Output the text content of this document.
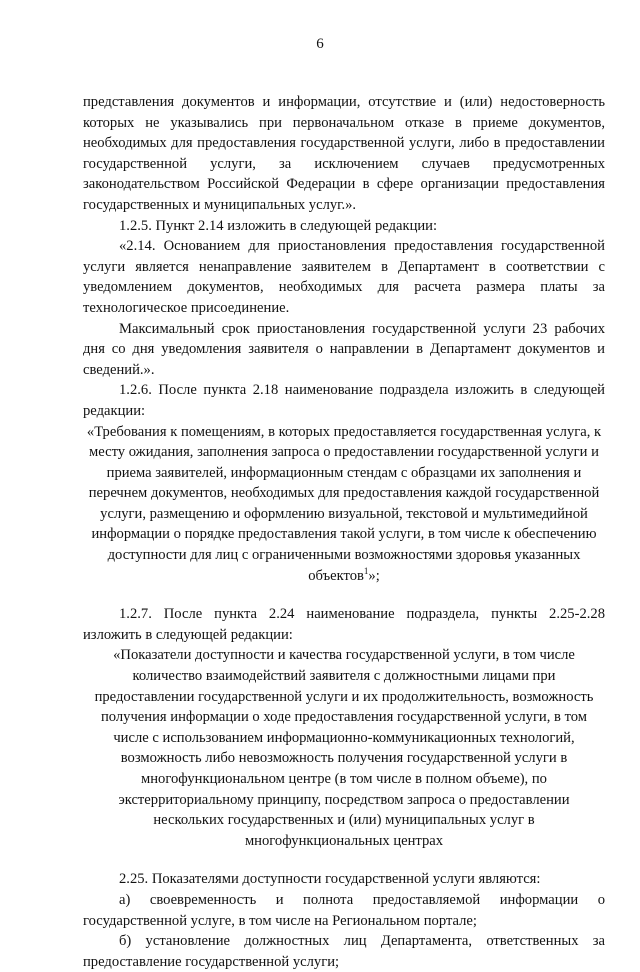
6

представления документов и информации, отсутствие и (или) недостоверность которых не указывались при первоначальном отказе в приеме документов, необходимых для предоставления государственной услуги, либо в предоставлении государственной услуги, за исключением случаев предусмотренных законодательством Российской Федерации в сфере организации предоставления государственных и муниципальных услуг.».

1.2.5. Пункт 2.14 изложить в следующей редакции:

«2.14. Основанием для приостановления предоставления государственной услуги является ненаправление заявителем в Департамент в соответствии с уведомлением документов, необходимых для расчета размера платы за технологическое присоединение.

Максимальный срок приостановления государственной услуги 23 рабочих дня со дня уведомления заявителя о направлении в Департамент документов и сведений.».

1.2.6. После пункта 2.18 наименование подраздела изложить в следующей редакции:

«Требования к помещениям, в которых предоставляется государственная услуга, к месту ожидания, заполнения запроса о предоставлении государственной услуги и приема заявителей, информационным стендам с образцами их заполнения и перечнем документов, необходимых для предоставления каждой государственной услуги, размещению и оформлению визуальной, текстовой и мультимедийной информации о порядке предоставления такой услуги, в том числе к обеспечению доступности для лиц с ограниченными возможностями здоровья указанных объектов$^1$»;

1.2.7. После пункта 2.24 наименование подраздела, пункты 2.25-2.28 изложить в следующей редакции:

«Показатели доступности и качества государственной услуги, в том числе количество взаимодействий заявителя с должностными лицами при предоставлении государственной услуги и их продолжительность, возможность получения информации о ходе предоставления государственной услуги, в том числе с использованием информационно-коммуникационных технологий, возможность либо невозможность получения государственной услуги в многофункциональном центре (в том числе в полном объеме), по экстерриториальному принципу, посредством запроса о предоставлении нескольких государственных и (или) муниципальных услуг в многофункциональных центрах

2.25. Показателями доступности государственной услуги являются:

а) своевременность и полнота предоставляемой информации о государственной услуге, в том числе на Региональном портале;

б) установление должностных лиц Департамента, ответственных за предоставление государственной услуги;
